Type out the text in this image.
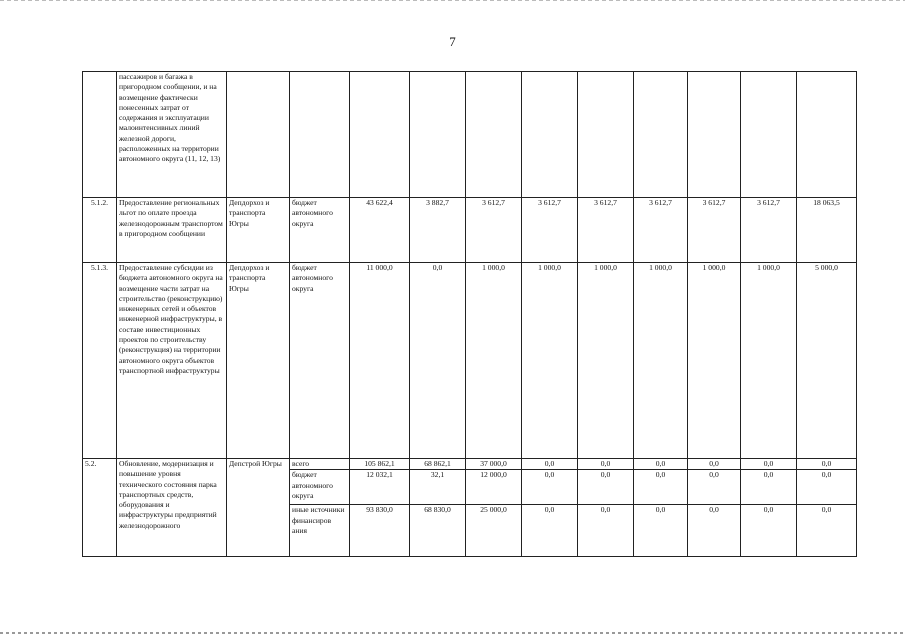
7
	пассажиров и багажа в пригородном сообщении, и на возмещение фактически понесенных затрат от содержания и эксплуатации малоинтенсивных линий железной дороги, расположенных на территории автономного округа (11, 12, 13)											
5.1.2.	Предоставление региональных льгот по оплате проезда железнодорожным транспортом в пригородном сообщении	Депдорхоз и транспорта Югры	бюджет автономного округа	43 622,4	3 882,7	3 612,7	3 612,7	3 612,7	3 612,7	3 612,7	3 612,7	18 063,5
5.1.3.	Предоставление субсидии из бюджета автономного округа на возмещение части затрат на строительство (реконструкцию) инженерных сетей и объектов инженерной инфраструктуры, в составе инвестиционных проектов по строительству (реконструкция) на территории автономного округа объектов транспортной инфраструктуры	Депдорхоз и транспорта Югры	бюджет автономного округа	11 000,0	0,0	1 000,0	1 000,0	1 000,0	1 000,0	1 000,0	1 000,0	5 000,0
5.2.	Обновление, модернизация и повышение уровня технического состояния парка транспортных средств, оборудования и инфраструктуры предприятий железнодорожного	Депстрой Югры	всего	105 862,1	68 862,1	37 000,0	0,0	0,0	0,0	0,0	0,0	0,0
			бюджет автономного округа	12 032,1	32,1	12 000,0	0,0	0,0	0,0	0,0	0,0	0,0
			иные источники финансиров ания	93 830,0	68 830,0	25 000,0	0,0	0,0	0,0	0,0	0,0	0,0
